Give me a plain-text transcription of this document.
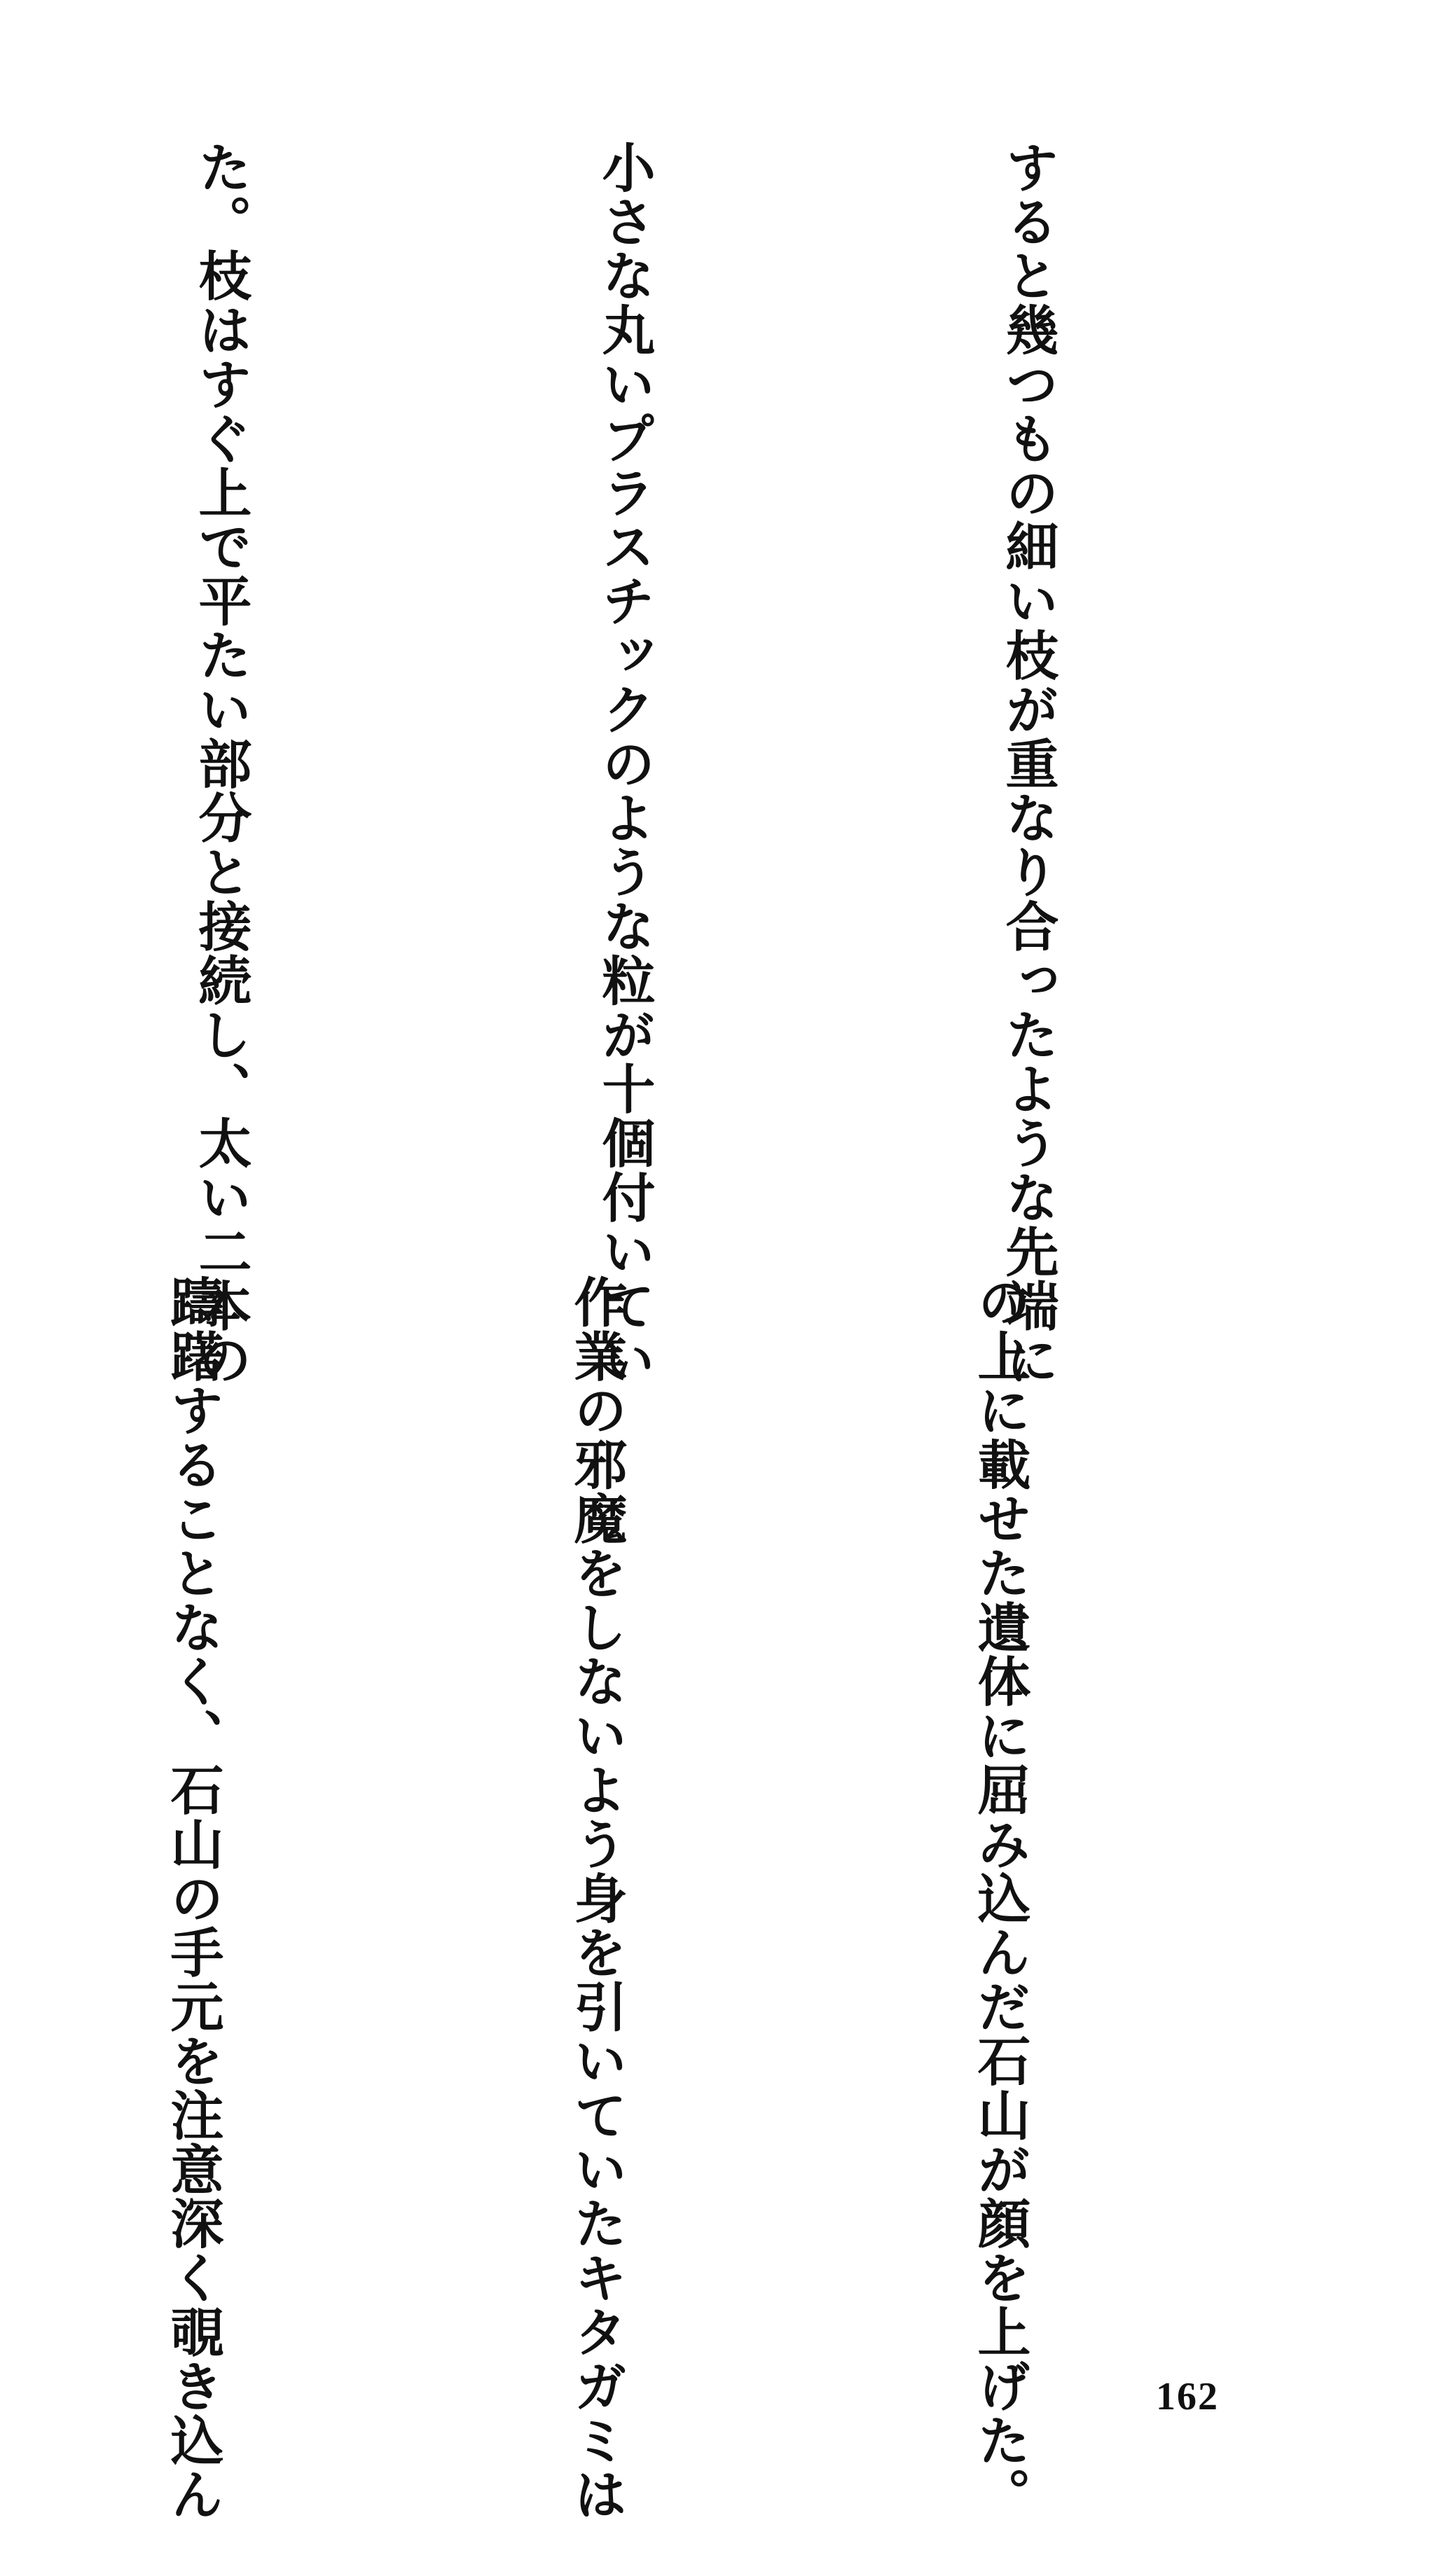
すると幾つもの細い枝が重なり合ったような先端に

小さな丸いプラスチックのような粒が十個付いてい

た。枝はすぐ上で平たい部分と接続し、太い二本の

の上に載せた遺体に屈み込んだ石山が顔を上げた。

作業の邪魔をしないよう身を引いていたキタガミは

躊躇することなく、石山の手元を注意深く覗き込ん

	162
